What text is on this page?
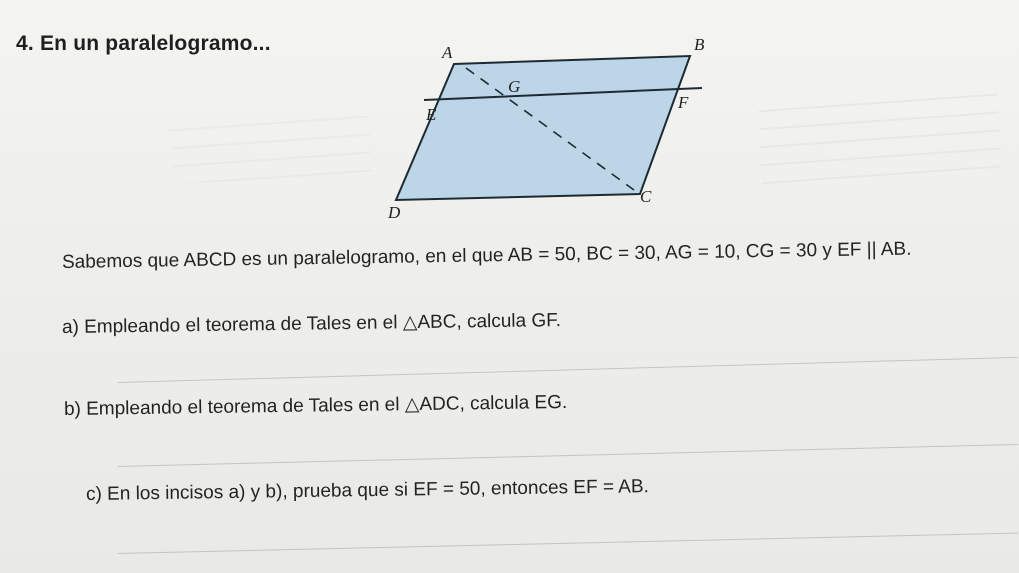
4. En un paralelogramo...	A	B
G
E
F
C
D
Sabemos que ABCD es un paralelogramo, en el que AB = 50, BC = 30, AG = 10, CG = 30 y EF || AB.
a) Empleando el teorema de Tales en el △ABC, calcula GF.
b) Empleando el teorema de Tales en el △ADC, calcula EG.
c) En los incisos a) y b), prueba que si EF = 50, entonces EF = AB.
